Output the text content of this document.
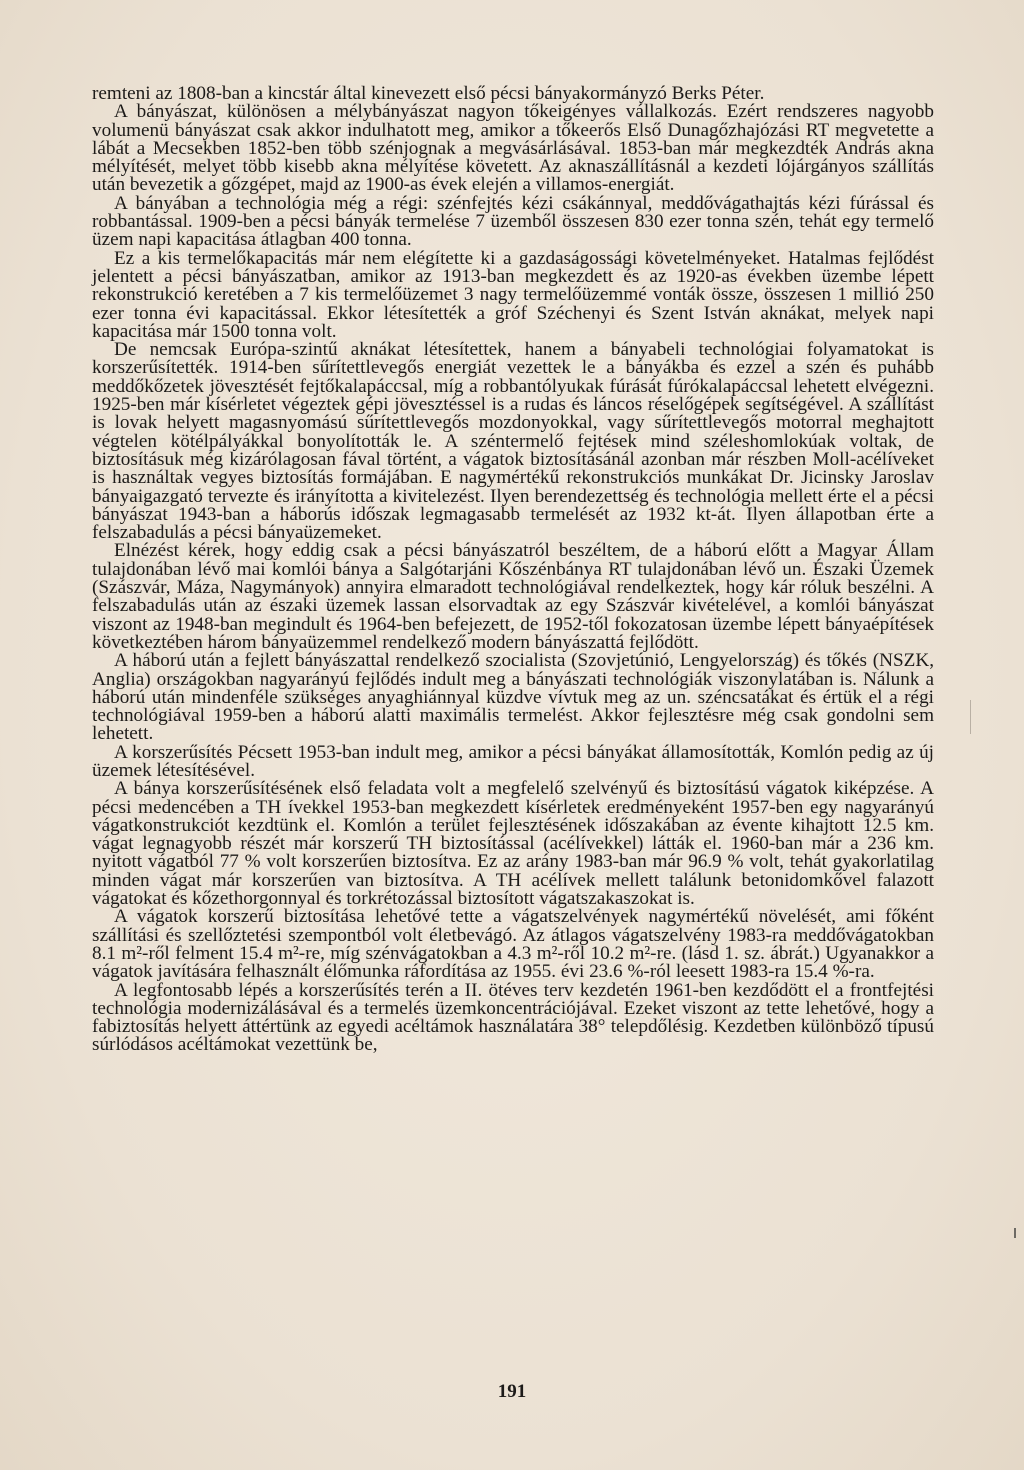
remteni az 1808-ban a kincstár által kinevezett első pécsi bányakormányzó Berks Péter.

A bányászat, különösen a mélybányászat nagyon tőkeigényes vállalkozás. Ezért rendszeres nagyobb volumenü bányászat csak akkor indulhatott meg, amikor a tőkeerős Első Dunagőzhajózási RT megvetette a lábát a Mecsekben 1852-ben több szénjognak a megvásárlásával. 1853-ban már megkezdték András akna mélyítését, melyet több kisebb akna mélyítése követett. Az aknaszállításnál a kezdeti lójárgányos szállítás után bevezetik a gőzgépet, majd az 1900-as évek elején a villamos-energiát.

A bányában a technológia még a régi: szénfejtés kézi csákánnyal, meddővágathajtás kézi fúrással és robbantással. 1909-ben a pécsi bányák termelése 7 üzemből összesen 830 ezer tonna szén, tehát egy termelő üzem napi kapacitása átlagban 400 tonna.

Ez a kis termelőkapacitás már nem elégítette ki a gazdaságossági követelményeket. Hatalmas fejlődést jelentett a pécsi bányászatban, amikor az 1913-ban megkezdett és az 1920-as években üzembe lépett rekonstrukció keretében a 7 kis termelőüzemet 3 nagy termelőüzemmé vonták össze, összesen 1 millió 250 ezer tonna évi kapacitással. Ekkor létesítették a gróf Széchenyi és Szent István aknákat, melyek napi kapacitása már 1500 tonna volt.

De nemcsak Európa-szintű aknákat létesítettek, hanem a bányabeli technológiai folyamatokat is korszerűsítették. 1914-ben sűrítettlevegős energiát vezettek le a bányákba és ezzel a szén és puhább meddőkőzetek jövesztését fejtőkalapáccsal, míg a robbantólyukak fúrását fúrókalapáccsal lehetett elvégezni. 1925-ben már kísérletet végeztek gépi jövesztéssel is a rudas és láncos réselőgépek segítségével. A szállítást is lovak helyett magasnyomású sűrítettlevegős mozdonyokkal, vagy sűrítettlevegős motorral meghajtott végtelen kötélpályákkal bonyolították le. A széntermelő fejtések mind széleshomlokúak voltak, de biztosításuk még kizárólagosan fával történt, a vágatok biztosításánál azonban már részben Moll-acélíveket is használtak vegyes biztosítás formájában. E nagymértékű rekonstrukciós munkákat Dr. Jicinsky Jaroslav bányaigazgató tervezte és irányította a kivitelezést. Ilyen berendezettség és technológia mellett érte el a pécsi bányászat 1943-ban a háborús időszak legmagasabb termelését az 1932 kt-át. Ilyen állapotban érte a felszabadulás a pécsi bányaüzemeket.

Elnézést kérek, hogy eddig csak a pécsi bányászatról beszéltem, de a háború előtt a Magyar Állam tulajdonában lévő mai komlói bánya a Salgótarjáni Kőszénbánya RT tulajdonában lévő un. Északi Üzemek (Szászvár, Máza, Nagymányok) annyira elmaradott technológiával rendelkeztek, hogy kár róluk beszélni. A felszabadulás után az északi üzemek lassan elsorvadtak az egy Szászvár kivételével, a komlói bányászat viszont az 1948-ban megindult és 1964-ben befejezett, de 1952-től fokozatosan üzembe lépett bányaépítések következtében három bányaüzemmel rendelkező modern bányászattá fejlődött.

A háború után a fejlett bányászattal rendelkező szocialista (Szovjetúnió, Lengyelország) és tőkés (NSZK, Anglia) országokban nagyarányú fejlődés indult meg a bányászati technológiák viszonylatában is. Nálunk a háború után mindenféle szükséges anyaghiánnyal küzdve vívtuk meg az un. széncsatákat és értük el a régi technológiával 1959-ben a háború alatti maximális termelést. Akkor fejlesztésre még csak gondolni sem lehetett.

A korszerűsítés Pécsett 1953-ban indult meg, amikor a pécsi bányákat államosították, Komlón pedig az új üzemek létesítésével.

A bánya korszerűsítésének első feladata volt a megfelelő szelvényű és biztosítású vágatok kiképzése. A pécsi medencében a TH ívekkel 1953-ban megkezdett kísérletek eredményeként 1957-ben egy nagyarányú vágatkonstrukciót kezdtünk el. Komlón a terület fejlesztésének időszakában az évente kihajtott 12.5 km. vágat legnagyobb részét már korszerű TH biztosítással (acélívekkel) látták el. 1960-ban már a 236 km. nyitott vágatból 77 % volt korszerűen biztosítva. Ez az arány 1983-ban már 96.9 % volt, tehát gyakorlatilag minden vágat már korszerűen van biztosítva. A TH acélívek mellett találunk betonidomkővel falazott vágatokat és kőzethorgonnyal és torkrétozással biztosított vágatszakaszokat is.

A vágatok korszerű biztosítása lehetővé tette a vágatszelvények nagymértékű növelését, ami főként szállítási és szellőztetési szempontból volt életbevágó. Az átlagos vágatszelvény 1983-ra meddővágatokban 8.1 m²-ről felment 15.4 m²-re, míg szénvágatokban a 4.3 m²-ről 10.2 m²-re. (lásd 1. sz. ábrát.) Ugyanakkor a vágatok javítására felhasznált élőmunka ráfordítása az 1955. évi 23.6 %-ról leesett 1983-ra 15.4 %-ra.

A legfontosabb lépés a korszerűsítés terén a II. ötéves terv kezdetén 1961-ben kezdődött el a frontfejtési technológia modernizálásával és a termelés üzemkoncentrációjával. Ezeket viszont az tette lehetővé, hogy a fabiztosítás helyett áttértünk az egyedi acéltámok használatára 38° telepdőlésig. Kezdetben különböző típusú súrlódásos acéltámokat vezettünk be,

191
